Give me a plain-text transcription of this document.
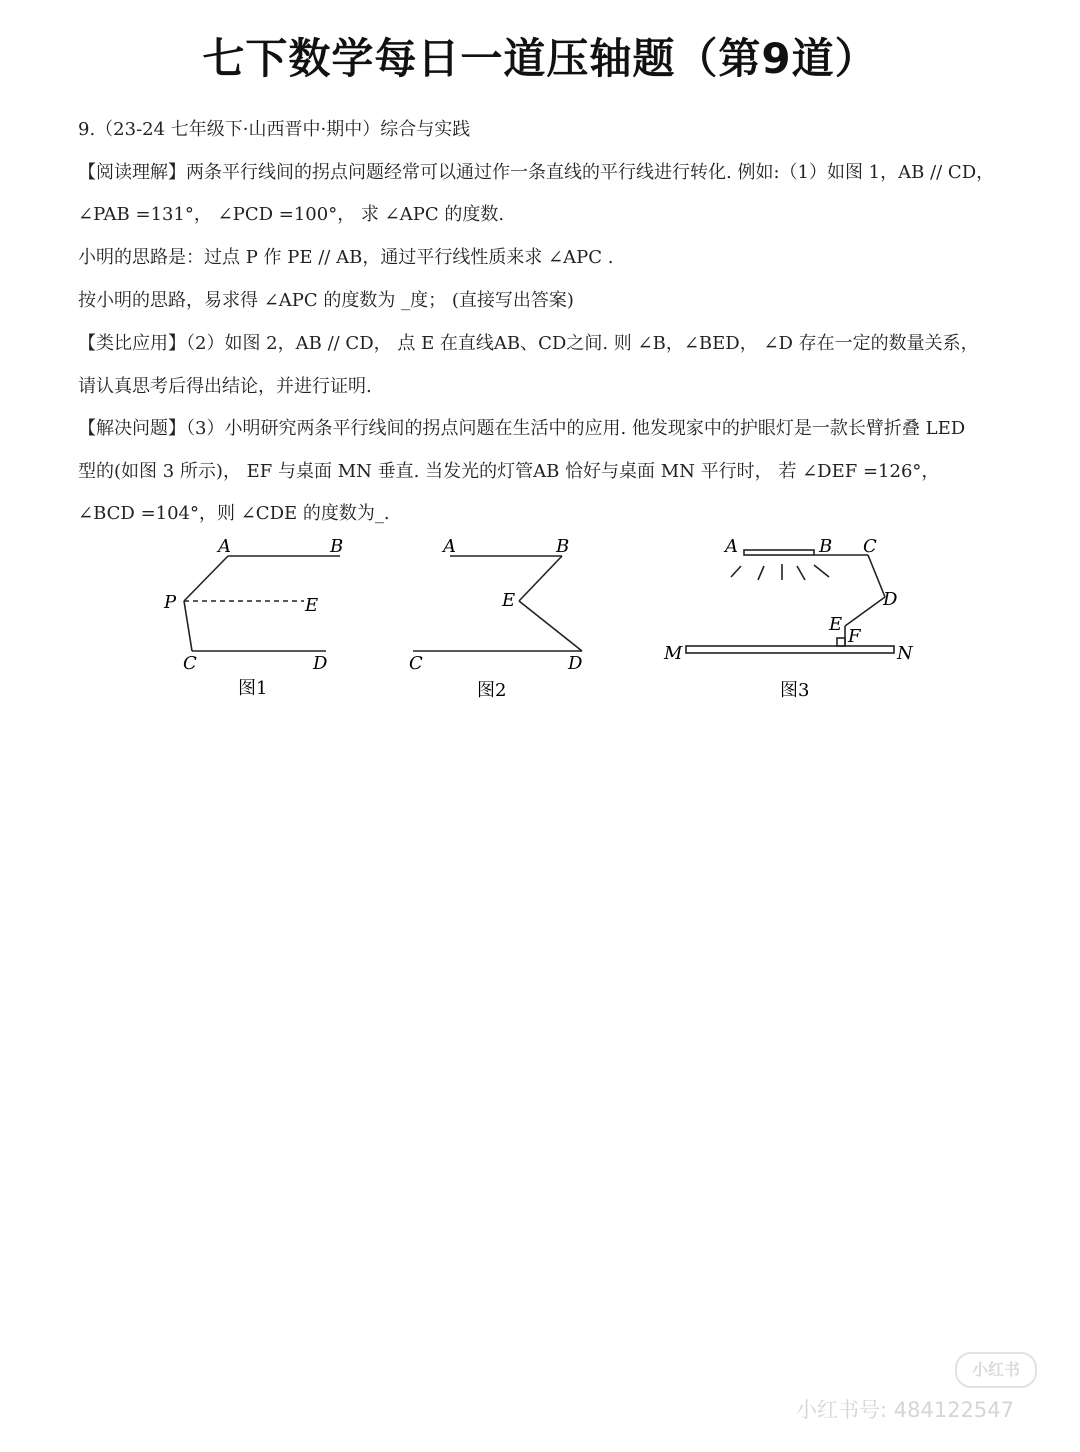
七下数学每日一道压轴题（第9道）
9.（23-24 七年级下·山西晋中·期中）综合与实践
【阅读理解】两条平行线间的拐点问题经常可以通过作一条直线的平行线进行转化. 例如:（1）如图 1，AB // CD，
∠PAB =131°， ∠PCD =100°， 求 ∠APC 的度数.
小明的思路是：过点 P 作 PE // AB，通过平行线性质来求 ∠APC .
按小明的思路，易求得 ∠APC 的度数为 _度； (直接写出答案)
【类比应用】（2）如图 2，AB // CD， 点 E 在直线AB、CD之间. 则 ∠B，∠BED， ∠D 存在一定的数量关系，
请认真思考后得出结论，并进行证明.
【解决问题】（3）小明研究两条平行线间的拐点问题在生活中的应用. 他发现家中的护眼灯是一款长臂折叠 LED
型的(如图 3 所示)， EF 与桌面 MN 垂直. 当发光的灯管AB 恰好与桌面 MN 平行时， 若 ∠DEF =126°，
∠BCD =104°，则 ∠CDE 的度数为_.
A	B
P	E
C	D
图1
A	B
E
C	D
图2
A	B C
D
E
F
M	N
图3
小红书
小红书号: 484122547
